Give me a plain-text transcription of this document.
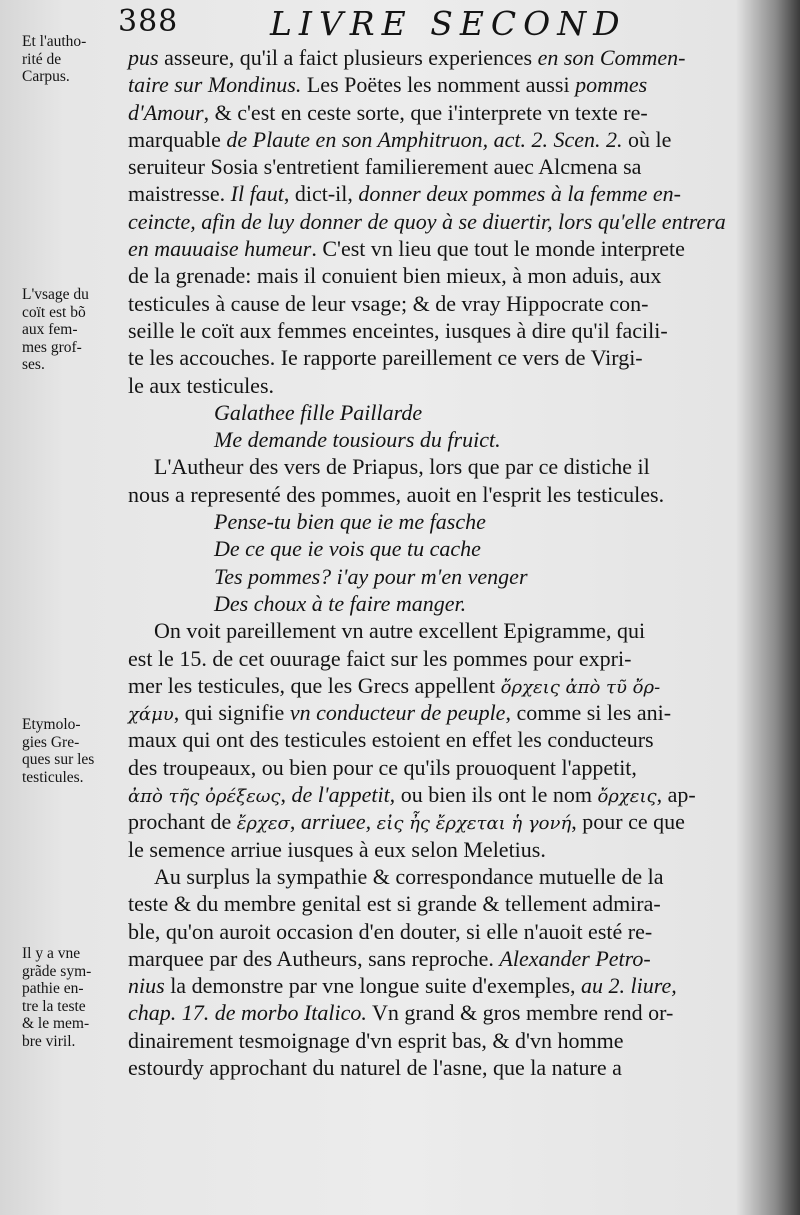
388	LIVRE SECOND
Et l'autho-
rité de
Carpus.
L'vsage du
coït est bõ
aux fem-
mes grof-
ses.
Etymolo-
gies Gre-
ques sur les
testicules.
Il y a vne
grãde sym-
pathie en-
tre la teste
& le mem-
bre viril.
pus asseure, qu'il a faict plusieurs experiences en son Commen-
taire sur Mondinus. Les Poëtes les nomment aussi pommes
d'Amour, & c'est en ceste sorte, que i'interprete vn texte re-
marquable de Plaute en son Amphitruon, act. 2. Scen. 2. où le
seruiteur Sosia s'entretient familierement auec Alcmena sa
maistresse. Il faut, dict-il, donner deux pommes à la femme en-
ceincte, afin de luy donner de quoy à se diuertir, lors qu'elle entrera
en mauuaise humeur. C'est vn lieu que tout le monde interprete
de la grenade: mais il conuient bien mieux, à mon aduis, aux
testicules à cause de leur vsage; & de vray Hippocrate con-
seille le coït aux femmes enceintes, iusques à dire qu'il facili-
te les accouches. Ie rapporte pareillement ce vers de Virgi-
le aux testicules.
Galathee fille Paillarde
Me demande tousiours du fruict.
L'Autheur des vers de Priapus, lors que par ce distiche il
nous a representé des pommes, auoit en l'esprit les testicules.
Pense-tu bien que ie me fasche
De ce que ie vois que tu cache
Tes pommes? i'ay pour m'en venger
Des choux à te faire manger.
On voit pareillement vn autre excellent Epigramme, qui
est le 15. de cet ouurage faict sur les pommes pour expri-
mer les testicules, que les Grecs appellent ὄρχεις ἀπὸ τῦ ὄρ-
χάμυ, qui signifie vn conducteur de peuple, comme si les ani-
maux qui ont des testicules estoient en effet les conducteurs
des troupeaux, ou bien pour ce qu'ils prouoquent l'appetit,
ἀπὸ τῆς ὀρέξεως, de l'appetit, ou bien ils ont le nom ὄρχεις, ap-
prochant de ἔρχεσ, arriuee, εἰς ἦς ἔρχεται ἡ γονή, pour ce que
le semence arriue iusques à eux selon Meletius.
Au surplus la sympathie & correspondance mutuelle de la
teste & du membre genital est si grande & tellement admira-
ble, qu'on auroit occasion d'en douter, si elle n'auoit esté re-
marquee par des Autheurs, sans reproche. Alexander Petro-
nius la demonstre par vne longue suite d'exemples, au 2. liure,
chap. 17. de morbo Italico. Vn grand & gros membre rend or-
dinairement tesmoignage d'vn esprit bas, & d'vn homme
estourdy approchant du naturel de l'asne, que la nature a
